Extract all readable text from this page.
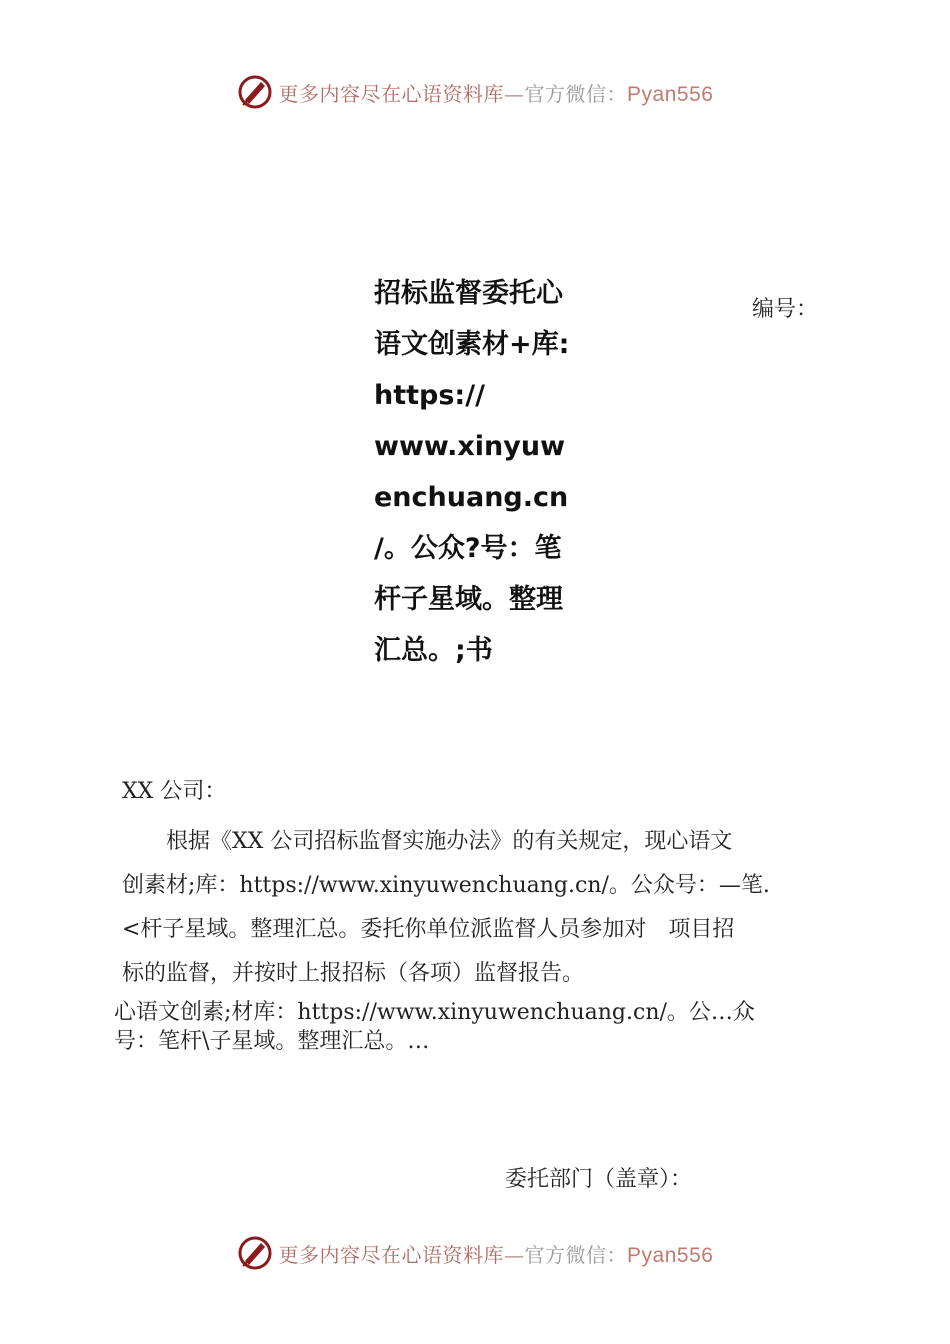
更多内容尽在心语资料库—官方微信：Pyan556
招标监督委托心
语文创素材+库:
https://
www.xinyuw
enchuang.cn
/。公众?号：笔
杆子星域。整理
汇总。;书
编号：
XX 公司：
　　根据《XX 公司招标监督实施办法》的有关规定，现心语文
创素材;库：https://www.xinyuwenchuang.cn/。公众号：—笔.
<杆子星域。整理汇总。委托你单位派监督人员参加对　项目招
标的监督，并按时上报招标（各项）监督报告。
心语文创素;材库：https://www.xinyuwenchuang.cn/。公…众
号：笔杆\子星域。整理汇总。…
委托部门（盖章）：
更多内容尽在心语资料库—官方微信：Pyan556
